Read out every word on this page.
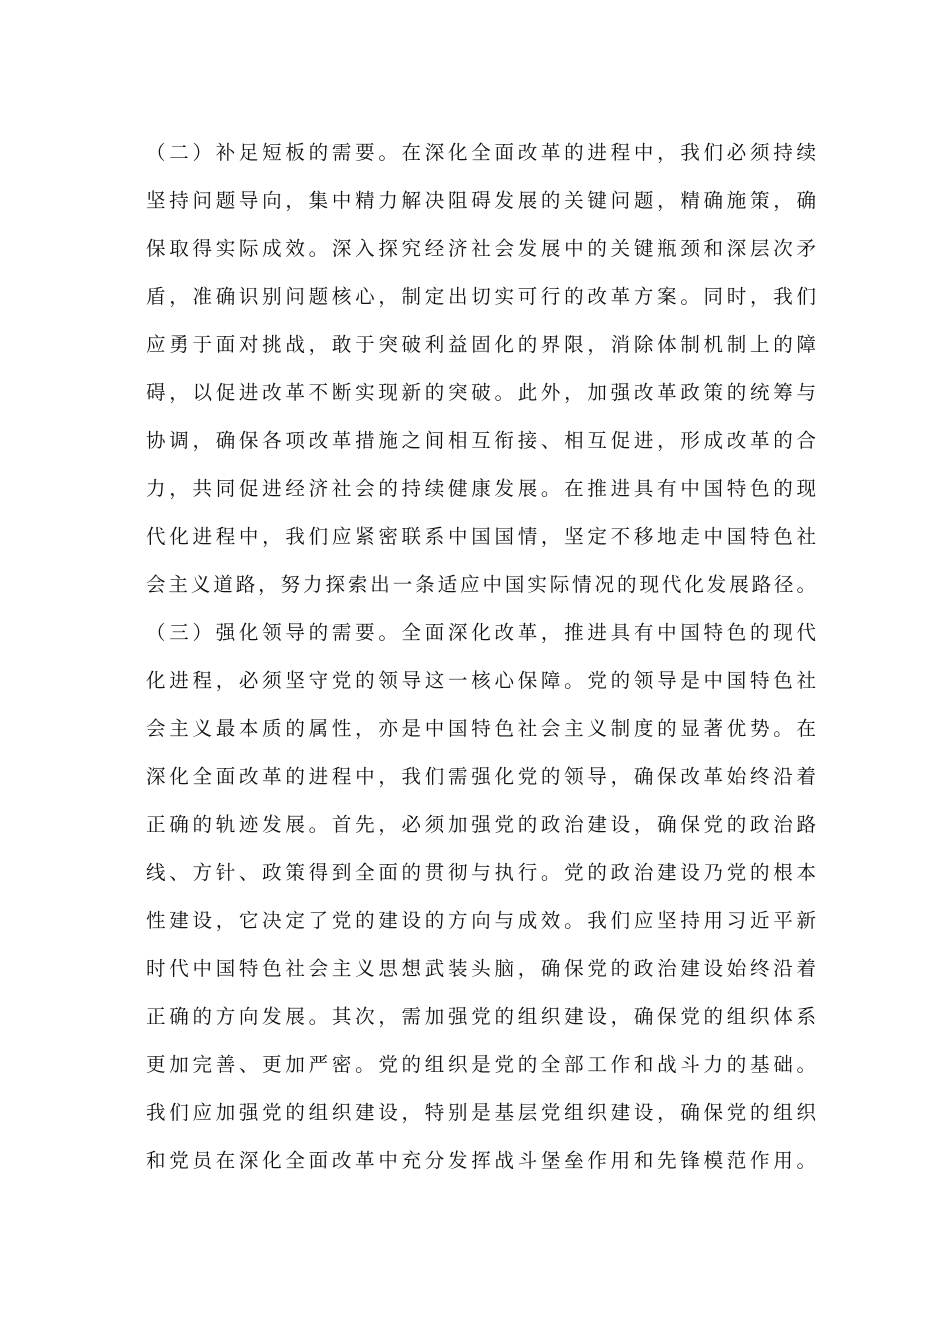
（二）补足短板的需要。在深化全面改革的进程中，我们必须持续
坚持问题导向，集中精力解决阻碍发展的关键问题，精确施策，确
保取得实际成效。深入探究经济社会发展中的关键瓶颈和深层次矛
盾，准确识别问题核心，制定出切实可行的改革方案。同时，我们
应勇于面对挑战，敢于突破利益固化的界限，消除体制机制上的障
碍，以促进改革不断实现新的突破。此外，加强改革政策的统筹与
协调，确保各项改革措施之间相互衔接、相互促进，形成改革的合
力，共同促进经济社会的持续健康发展。在推进具有中国特色的现
代化进程中，我们应紧密联系中国国情，坚定不移地走中国特色社
会主义道路，努力探索出一条适应中国实际情况的现代化发展路径。
（三）强化领导的需要。全面深化改革，推进具有中国特色的现代
化进程，必须坚守党的领导这一核心保障。党的领导是中国特色社
会主义最本质的属性，亦是中国特色社会主义制度的显著优势。在
深化全面改革的进程中，我们需强化党的领导，确保改革始终沿着
正确的轨迹发展。首先，必须加强党的政治建设，确保党的政治路
线、方针、政策得到全面的贯彻与执行。党的政治建设乃党的根本
性建设，它决定了党的建设的方向与成效。我们应坚持用习近平新
时代中国特色社会主义思想武装头脑，确保党的政治建设始终沿着
正确的方向发展。其次，需加强党的组织建设，确保党的组织体系
更加完善、更加严密。党的组织是党的全部工作和战斗力的基础。
我们应加强党的组织建设，特别是基层党组织建设，确保党的组织
和党员在深化全面改革中充分发挥战斗堡垒作用和先锋模范作用。
